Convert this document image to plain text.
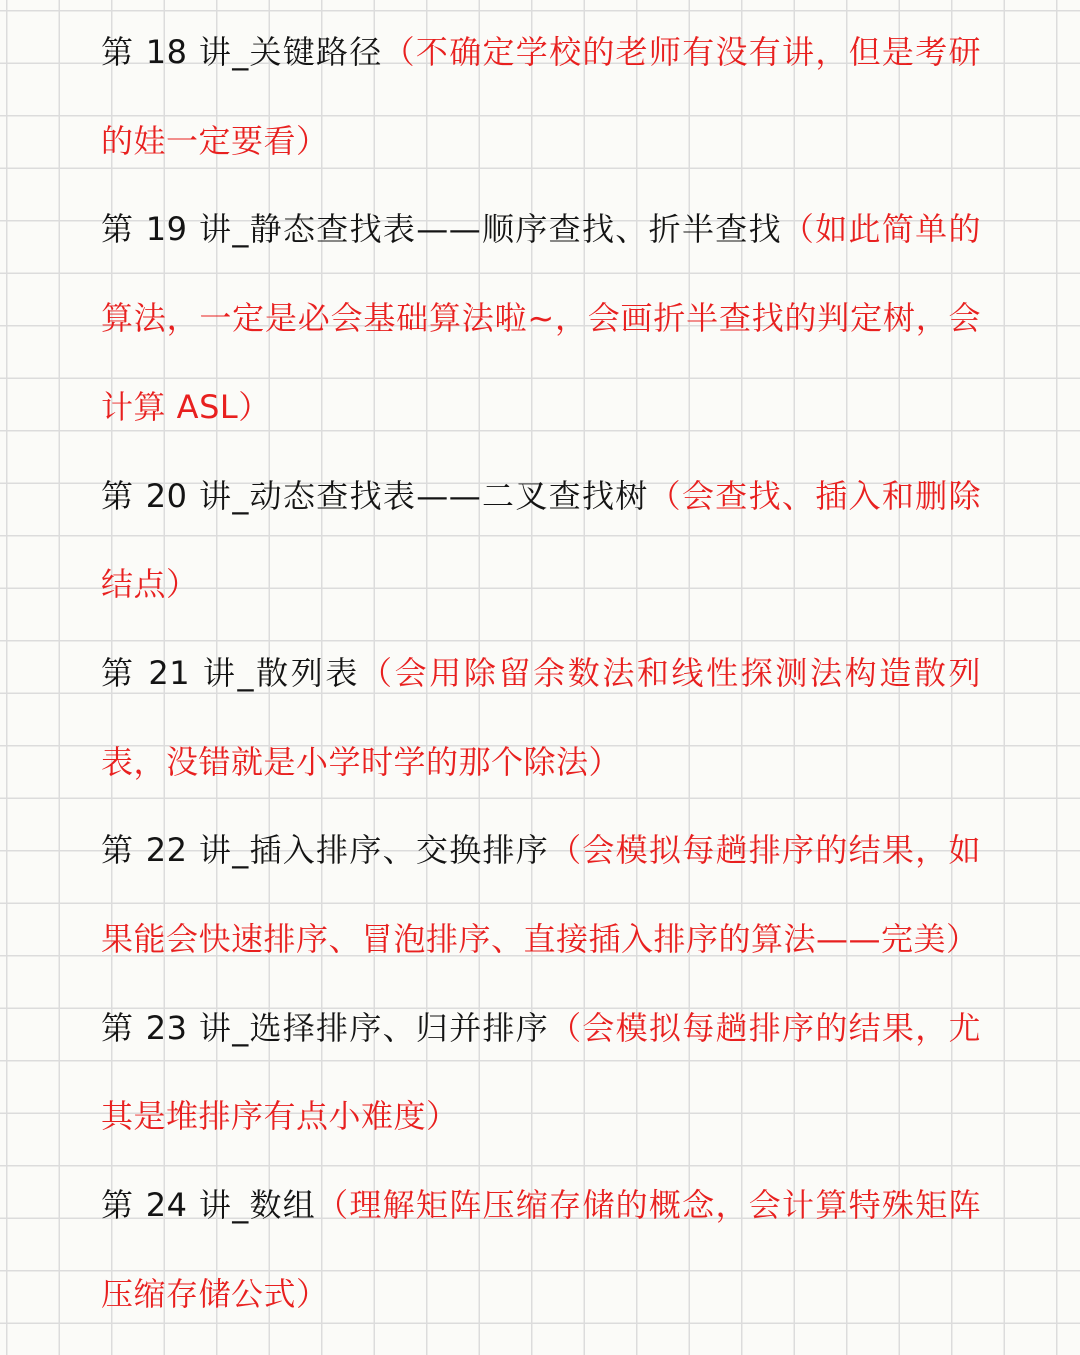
第 18 讲_关键路径（不确定学校的老师有没有讲，但是考研的娃一定要看）

第 19 讲_静态查找表——顺序查找、折半查找（如此简单的算法，一定是必会基础算法啦~，会画折半查找的判定树，会计算 ASL）

第 20 讲_动态查找表——二叉查找树（会查找、插入和删除结点）

第 21 讲_散列表（会用除留余数法和线性探测法构造散列表，没错就是小学时学的那个除法）

第 22 讲_插入排序、交换排序（会模拟每趟排序的结果，如果能会快速排序、冒泡排序、直接插入排序的算法——完美）

第 23 讲_选择排序、归并排序（会模拟每趟排序的结果，尤其是堆排序有点小难度）

第 24 讲_数组（理解矩阵压缩存储的概念，会计算特殊矩阵压缩存储公式）
